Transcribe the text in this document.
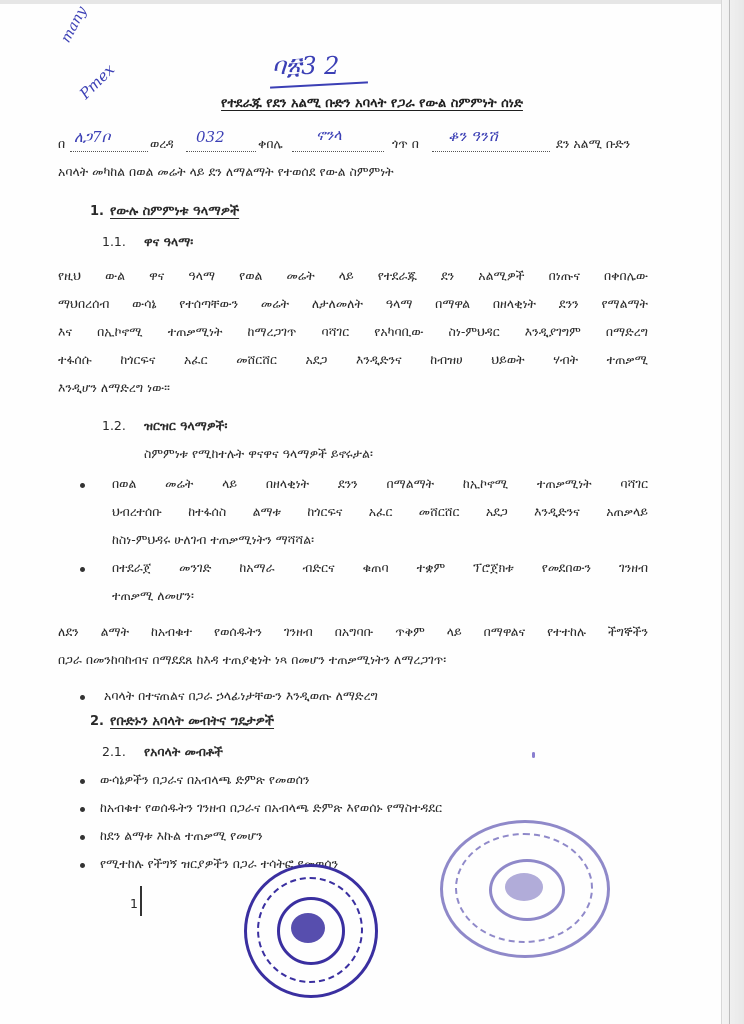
many
Pmex	ባ፳3 2
የተደራጁ የደን አልሚ ቡድን አባላት የጋራ የውል ስምምነት ሰነድ
በ ለጋ7ቦ	ወረዳ 032	ቀበሌ ኖንላ	ጎጥ በ ቆን ዓንሽ	ደን አልሚ ቡድን
አባላት መካከል በወል መሬት ላይ ደን ለማልማት የተወሰደ የውል ስምምነት
1. የውሉ ስምምነቱ ዓላማዎች
1.1. ዋና ዓላማ፡
የዚህ ውል ዋና ዓላማ የወል መሬት ላይ የተደራጁ ደን አልሚዎች በነጡና በቀበሌው
ማህበረሰብ ውሳኔ የተሰጣቸውን መሬት ለታለመለት ዓላማ በማዋል በዘላቂነት ደንን የማልማት
እና በኢኮኖሚ ተጠቃሚነት ከማረጋገጥ ባሻገር የአካባቢው ስነ-ምህዳር እንዲያገግም በማድረግ
ተፋሰሱ ከጎርፍና አፈር መሸርሸር አደጋ እንዲድንና ከብዝሀ ህይወት ሃብት ተጠቃሚ
እንዲሆን ለማድረግ ነው፡፡
1.2. ዝርዝር ዓላማዎች፡
ስምምነቱ የሚከተሉት ዋናዋና ዓላማዎች ይኖሩታል፡
በወል መሬት ላይ በዘላቂነት ደንን በማልማት ከኢኮኖሚ ተጠቃሚነት ባሻገር
ህብረተሰቡ ከተፋሰስ ልማቱ ከጎርፍና አፈር መሸርሸር አደጋ እንዲድንና አጠቃላይ
ከስነ-ምህዳሩ ሁለገብ ተጠቃሚነትን ማሻሻል፡
በተደራጀ መንገድ ከአማራ ብድርና ቁጠባ ተቋም ፕሮጀክቱ የመደበውን ገንዘብ
ተጠቃሚ ለመሆን፡
ለደን ልማት ከአብቁተ የወሰዱትን ገንዘብ በአግባቡ ጥቅም ላይ በማዋልና የተተከሉ ችግኞችን
በጋራ በመንከባከብና በማደደጸ ከእዳ ተጠያቂነት ነጻ በመሆን ተጠቃሚነትን ለማረጋገጥ፡
አባላት በተናጠልና በጋራ ኃላፊነታቸውን እንዲወጡ ለማድረግ
2. የቡድኑን አባላት መብትና ግዴታዎች
2.1. የአባላት መብቶች
ውሳኔዎችን በጋራና በአብላጫ ድምጽ የመወሰን
ከአብቁተ የወሰዱትን ገንዘብ በጋራና በአብላጫ ድምጽ እየወሰኑ የማስተዳደር
ከደን ልማቱ እኩል ተጠቃሚ የመሆን
የሚተከሉ የችግኝ ዝርያዎችን በጋራ ተሳትፎ የመወሰን
1
